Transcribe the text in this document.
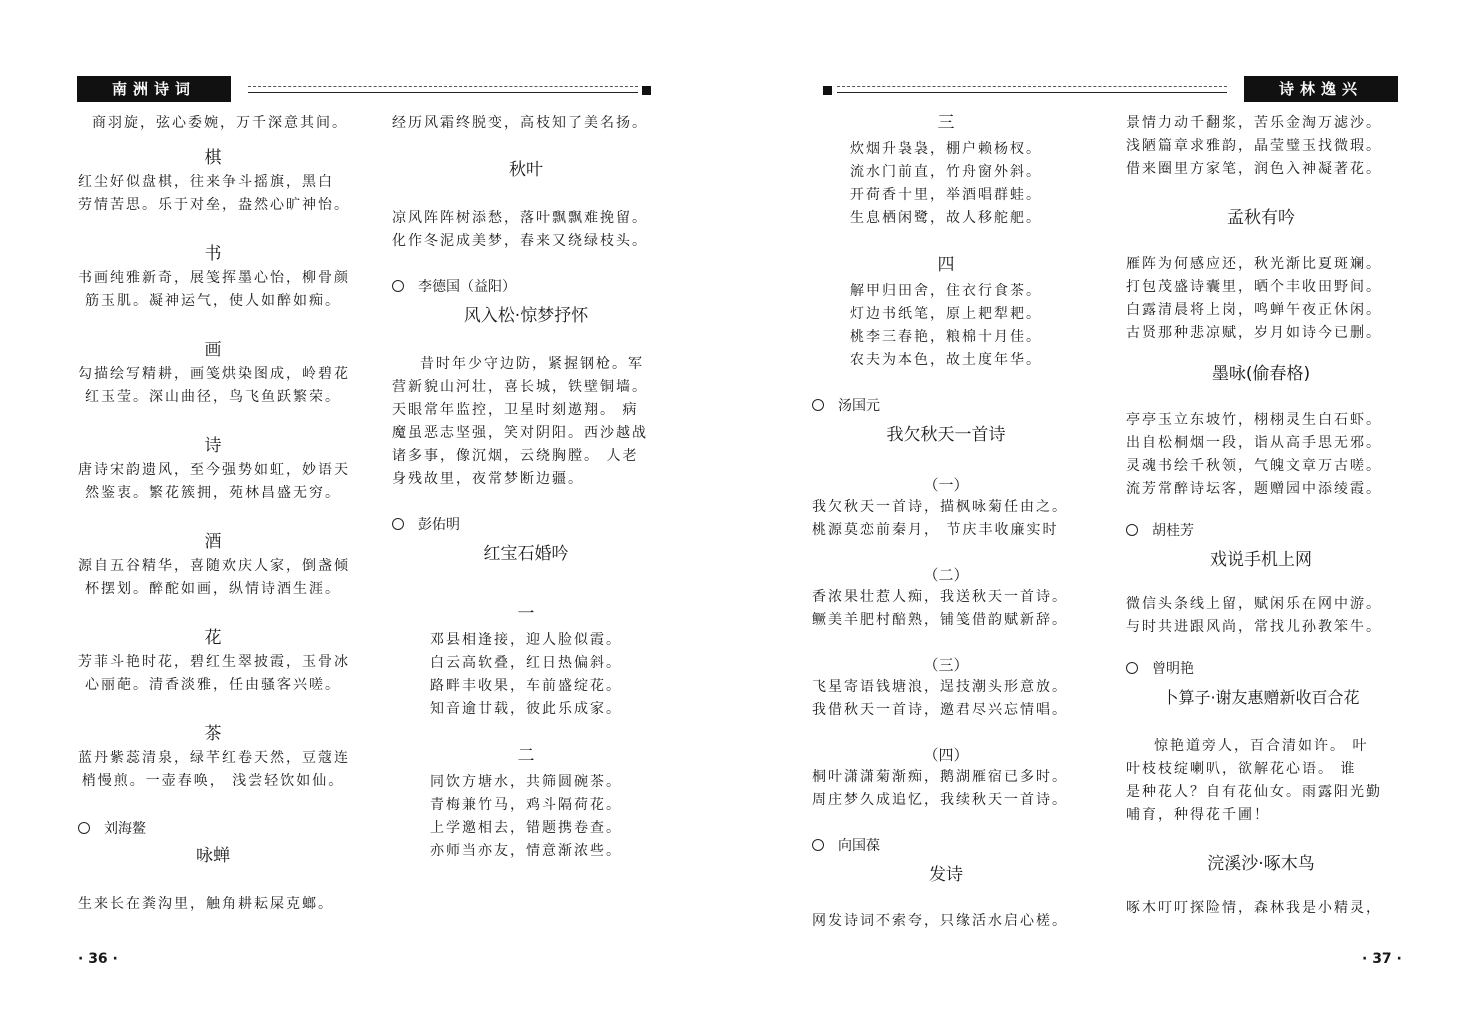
南洲诗词

商羽旋，弦心委婉，万千深意其间。

棋

红尘好似盘棋，往来争斗摇旗，黑白

劳情苦思。乐于对垒，盎然心旷神怡。

书

书画纯雅新奇，展笺挥墨心怡，柳骨颜

筋玉肌。凝神运气，使人如醉如痴。

画

勾描绘写精耕，画笺烘染图成，岭碧花

红玉莹。深山曲径，鸟飞鱼跃繁荣。

诗

唐诗宋韵遗风，至今强势如虹，妙语天

然鉴衷。繁花簇拥，苑林昌盛无穷。

酒

源自五谷精华，喜随欢庆人家，倒盏倾

杯摆划。醉酡如画，纵情诗酒生涯。

花

芳菲斗艳时花，碧红生翠披霞，玉骨冰

心丽葩。清香淡雅，任由骚客兴嗟。

茶

蓝丹紫蕊清泉，绿芊红卷天然，豆蔻连

梢慢煎。一壶春唤， 浅尝轻饮如仙。

刘海鳌

咏蝉

生来长在粪沟里，触角耕耘屎克螂。

经历风霜终脱变，高枝知了美名扬。

秋叶

凉风阵阵树添愁，落叶飘飘难挽留。

化作冬泥成美梦，春来又绕绿枝头。

李德国（益阳）

风入松·惊梦抒怀

昔时年少守边防，紧握钢枪。军

营新貌山河壮，喜长城，铁壁铜墙。

天眼常年监控，卫星时刻遨翔。 病

魔虽恶志坚强，笑对阴阳。西沙越战

诸多事，像沉烟，云绕胸膛。 人老

身残故里，夜常梦断边疆。

彭佑明

红宝石婚吟

一

邓县相逢接，迎人脸似霞。

白云高软叠，红日热偏斜。

路畔丰收果，车前盛绽花。

知音逾廿载，彼此乐成家。

二

同饮方塘水，共筛圆碗茶。

青梅兼竹马，鸡斗隔荷花。

上学邀相去，错题携卷查。

亦师当亦友，情意渐浓些。

· 36 ·
诗林逸兴

三

炊烟升袅袅，棚户赖杨杈。

流水门前直，竹舟窗外斜。

开荷香十里，举酒唱群蛙。

生息栖闲鹭，故人移舵舥。

四

解甲归田舍，住衣行食茶。

灯边书纸笔，原上耙犁耙。

桃李三春艳，粮棉十月佳。

农夫为本色，故土度年华。

汤国元

我欠秋天一首诗

（一）

我欠秋天一首诗，描枫咏菊任由之。

桃源莫恋前秦月， 节庆丰收廉实时

（二）

香浓果壮惹人痴，我送秋天一首诗。

鳜美羊肥村醅熟，铺笺借韵赋新辞。

（三）

飞星寄语钱塘浪，逞技潮头形意放。

我借秋天一首诗，邀君尽兴忘情唱。

（四）

桐叶潇潇菊渐痴，鹅湖雁宿已多时。

周庄梦久成追忆，我续秋天一首诗。

向国葆

发诗

网发诗词不索夸，只缘活水启心槎。

景情力动千翻浆，苦乐金淘万滤沙。

浅陋篇章求雅韵，晶莹璧玉找微瑕。

借来圈里方家笔，润色入神凝著花。

孟秋有吟

雁阵为何感应还，秋光渐比夏斑斓。

打包茂盛诗囊里，晒个丰收田野间。

白露清晨将上岗，鸣蝉午夜正休闲。

古贤那种悲凉赋，岁月如诗今已删。

墨咏(偷春格)

亭亭玉立东坡竹，栩栩灵生白石虾。

出自松桐烟一段，诣从高手思无邪。

灵魂书绘千秋领，气魄文章万古嗟。

流芳常醉诗坛客，题赠园中添绫霞。

胡桂芳

戏说手机上网

微信头条线上留，赋闲乐在网中游。

与时共进跟风尚，常找儿孙教笨牛。

曾明艳

卜算子·谢友惠赠新收百合花

惊艳道旁人，百合清如许。 叶

叶枝枝绽喇叭，欲解花心语。 谁

是种花人？自有花仙女。雨露阳光勤

哺育，种得花千圃！

浣溪沙·啄木鸟

啄木叮叮探险情，森林我是小精灵，

· 37 ·
